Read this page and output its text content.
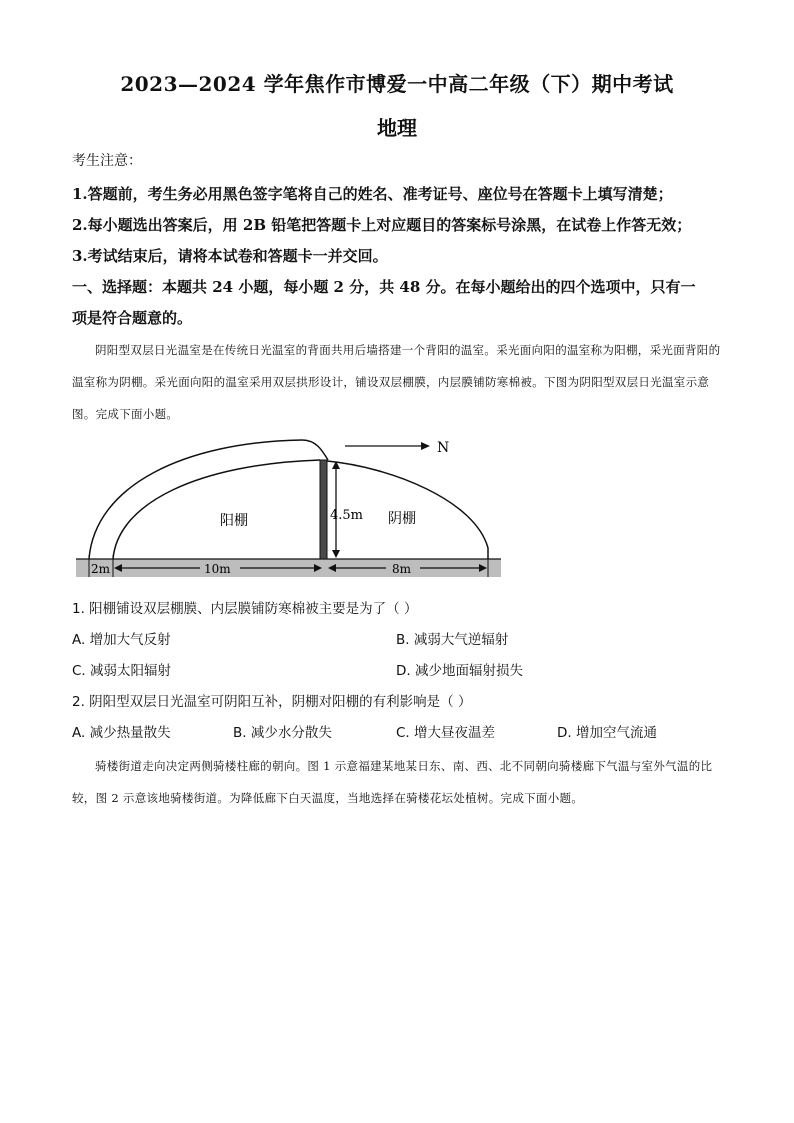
2023—2024 学年焦作市博爱一中高二年级（下）期中考试
地理
考生注意：
1.答题前，考生务必用黑色签字笔将自己的姓名、准考证号、座位号在答题卡上填写清楚；
2.每小题选出答案后，用 2B 铅笔把答题卡上对应题目的答案标号涂黑，在试卷上作答无效；
3.考试结束后，请将本试卷和答题卡一并交回。
一、选择题：本题共 24 小题，每小题 2 分，共 48 分。在每小题给出的四个选项中，只有一
项是符合题意的。
阴阳型双层日光温室是在传统日光温室的背面共用后墙搭建一个背阳的温室。采光面向阳的温室称为阳棚，采光面背阳的温室称为阴棚。采光面向阳的温室采用双层拱形设计，铺设双层棚膜，内层膜铺防寒棉被。下图为阴阳型双层日光温室示意图。完成下面小题。
N
阳棚	阴棚
4.5m
2m	10m	8m
1. 阳棚铺设双层棚膜、内层膜铺防寒棉被主要是为了（ ）
A. 增加大气反射	B. 减弱大气逆辐射
C. 减弱太阳辐射	D. 减少地面辐射损失
2. 阴阳型双层日光温室可阴阳互补，阴棚对阳棚的有利影响是（ ）
A. 减少热量散失	B. 减少水分散失	C. 增大昼夜温差	D. 增加空气流通
骑楼街道走向决定两侧骑楼柱廊的朝向。图 1 示意福建某地某日东、南、西、北不同朝向骑楼廊下气温与室外气温的比较，图 2 示意该地骑楼街道。为降低廊下白天温度，当地选择在骑楼花坛处植树。完成下面小题。
